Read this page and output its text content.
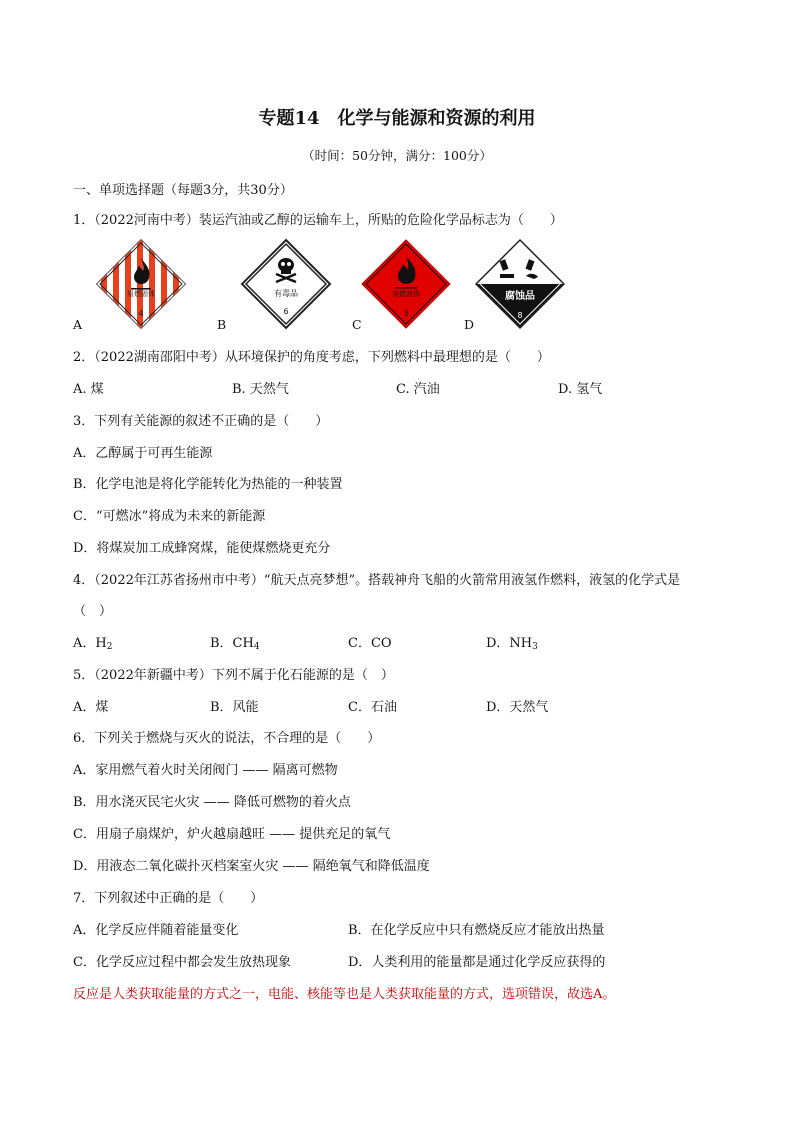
专题14　化学与能源和资源的利用
（时间：50分钟，满分：100分）
一、单项选择题（每题3分，共30分）
1．（2022河南中考）装运汽油或乙醇的运输车上，所贴的危险化学品标志为（　　）
易燃固体
4
有毒品
6
易燃液体
3
腐蚀品
8
A	B	C	D
2．（2022湖南邵阳中考）从环境保护的角度考虑，下列燃料中最理想的是（　　）
A. 煤	B. 天然气	C. 汽油	D. 氢气
3．下列有关能源的叙述不正确的是（　　）
A．乙醇属于可再生能源
B．化学电池是将化学能转化为热能的一种装置
C．“可燃冰”将成为未来的新能源
D．将煤炭加工成蜂窝煤，能使煤燃烧更充分
4．（2022年江苏省扬州市中考）“航天点亮梦想”。搭载神舟飞船的火箭常用液氢作燃料，液氢的化学式是
（　）
A．$H_2$	B．$CH_4$	C．CO	D．$NH_3$
5．（2022年新疆中考）下列不属于化石能源的是（　）
A．煤	B．风能	C．石油	D．天然气
6．下列关于燃烧与灭火的说法，不合理的是（　　）
A．家用燃气着火时关闭阀门 —— 隔离可燃物
B．用水浇灭民宅火灾 —— 降低可燃物的着火点
C．用扇子扇煤炉，炉火越扇越旺 —— 提供充足的氧气
D．用液态二氧化碳扑灭档案室火灾 —— 隔绝氧气和降低温度
7．下列叙述中正确的是（　　）
A．化学反应伴随着能量变化	B．在化学反应中只有燃烧反应才能放出热量
C．化学反应过程中都会发生放热现象	D．人类利用的能量都是通过化学反应获得的
反应是人类获取能量的方式之一，电能、核能等也是人类获取能量的方式，选项错误，故选A。
